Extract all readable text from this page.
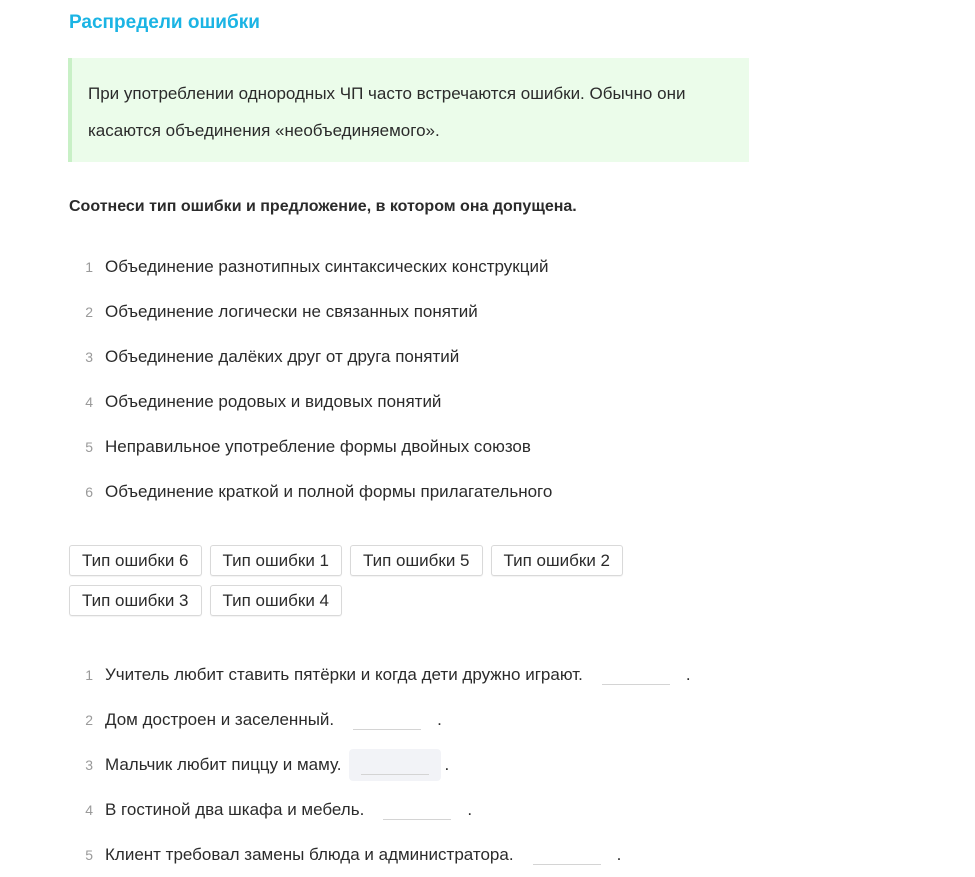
Распредели ошибки
При употреблении однородных ЧП часто встречаются ошибки. Обычно они касаются объединения «необъединяемого».
Соотнеси тип ошибки и предложение, в котором она допущена.
1 Объединение разнотипных синтаксических конструкций
2 Объединение логически не связанных понятий
3 Объединение далёких друг от друга понятий
4 Объединение родовых и видовых понятий
5 Неправильное употребление формы двойных союзов
6 Объединение краткой и полной формы прилагательного
Тип ошибки 6	Тип ошибки 1	Тип ошибки 5	Тип ошибки 2
Тип ошибки 3	Тип ошибки 4
1 Учитель любит ставить пятёрки и когда дети дружно играют.	.
2 Дом достроен и заселенный.	.
3 Мальчик любит пиццу и маму.	.
4 В гостиной два шкафа и мебель.	.
5 Клиент требовал замены блюда и администратора.	.
